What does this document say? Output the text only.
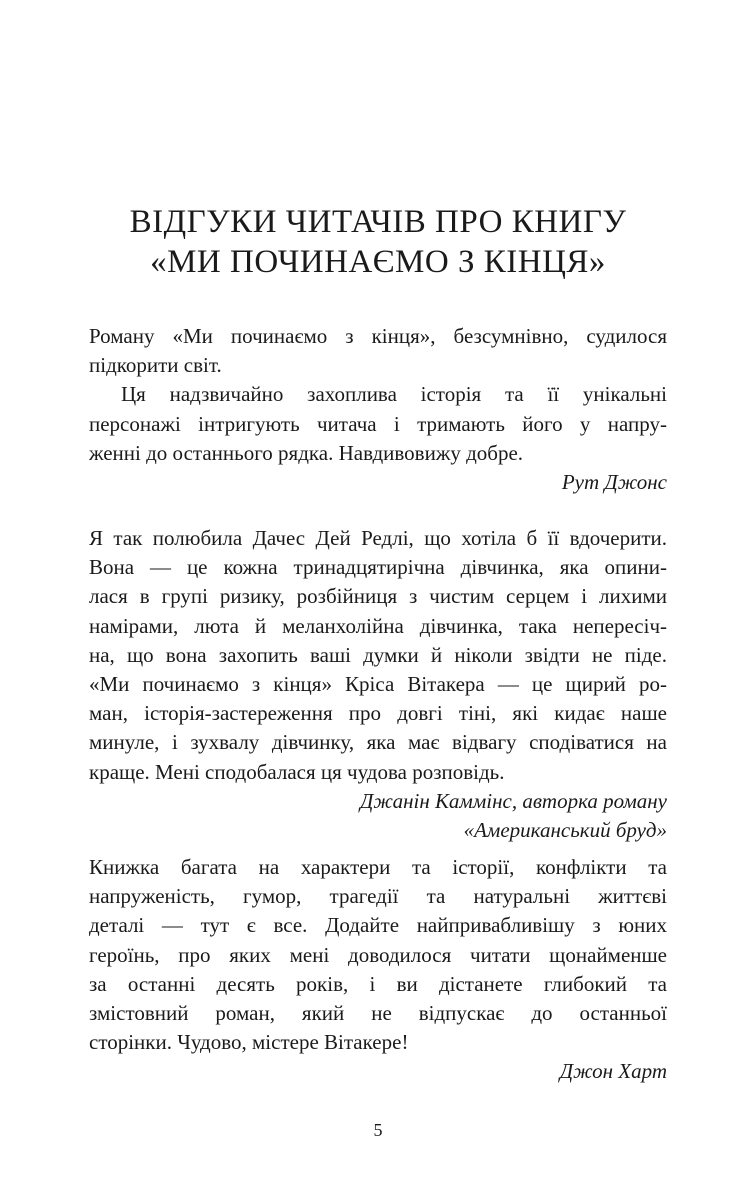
ВІДГУКИ ЧИТАЧІВ ПРО КНИГУ
«МИ ПОЧИНАЄМО З КІНЦЯ»
Роману «Ми починаємо з кінця», безсумнівно, судилося
підкорити світ.
Ця надзвичайно захоплива історія та її унікальні
персонажі інтригують читача і тримають його у напру-
женні до останнього рядка. Навдивовижу добре.
Рут Джонс
Я так полюбила Дачес Дей Редлі, що хотіла б її вдочерити.
Вона — це кожна тринадцятирічна дівчинка, яка опини-
лася в групі ризику, розбійниця з чистим серцем і лихими
намірами, люта й меланхолійна дівчинка, така непересіч-
на, що вона захопить ваші думки й ніколи звідти не піде.
«Ми починаємо з кінця» Кріса Вітакера — це щирий ро-
ман, історія-застереження про довгі тіні, які кидає наше
минуле, і зухвалу дівчинку, яка має відвагу сподіватися на
краще. Мені сподобалася ця чудова розповідь.
Джанін Каммінс, авторка роману
«Американський бруд»
Книжка багата на характери та історії, конфлікти та
напруженість, гумор, трагедії та натуральні життєві
деталі — тут є все. Додайте найпривабливішу з юних
героїнь, про яких мені доводилося читати щонайменше
за останні десять років, і ви дістанете глибокий та
змістовний роман, який не відпускає до останньої
сторінки. Чудово, містере Вітакере!
Джон Харт
5
